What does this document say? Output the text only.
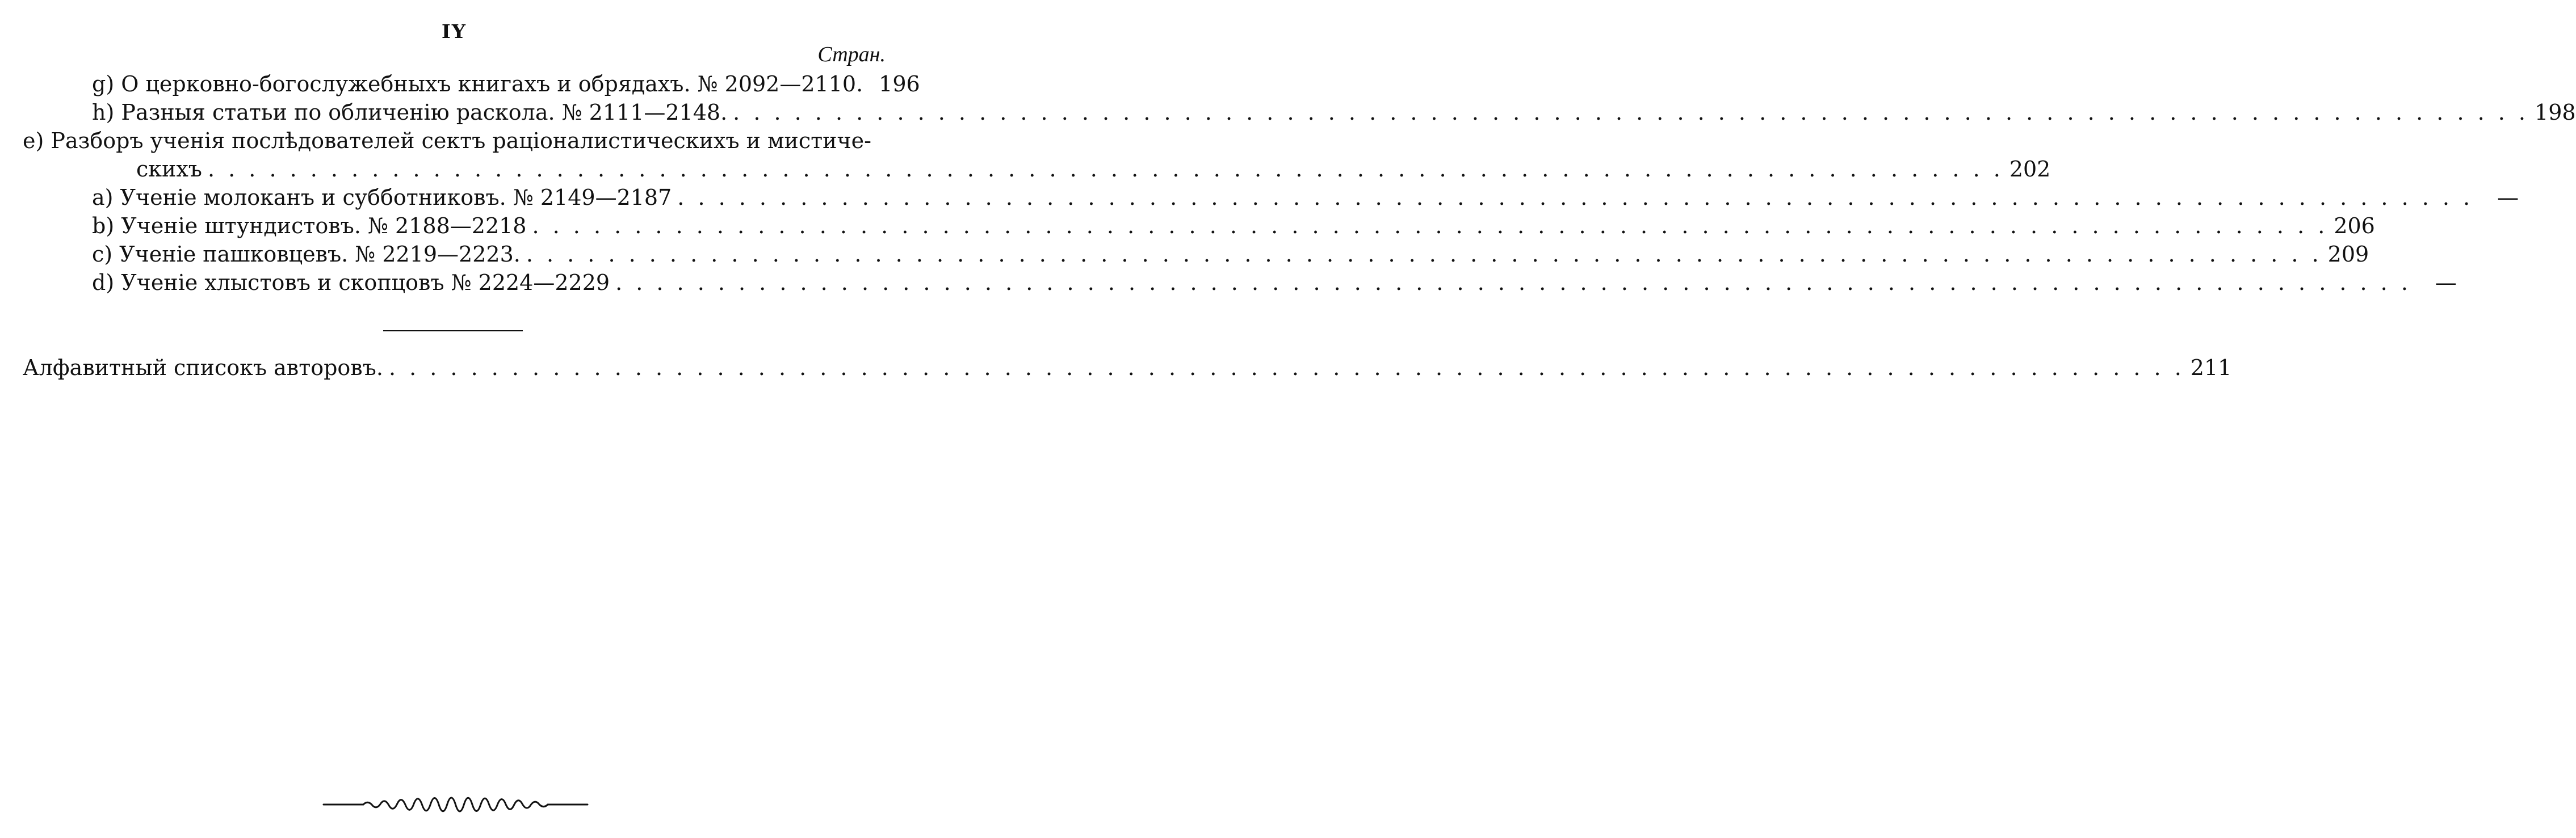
IY
Стран.
g) О церковно-богослужебныхъ книгахъ и обрядахъ. № 2092—2110. 196
h) Разныя статьи по обличенію раскола. № 2111—2148. . . .	198
e) Разборъ ученія послѣдователей сектъ раціоналистическихъ и мистиче-
скихъ . . .	202
a) Ученіе молоканъ и субботниковъ. № 2149—2187 . . .	—
b) Ученіе штундистовъ. № 2188—2218 . . .	206
c) Ученіе пашковцевъ. № 2219—2223. . . .	209
d) Ученіе хлыстовъ и скопцовъ № 2224—2229 . . .	—
Алфавитный списокъ авторовъ. . . .	211
